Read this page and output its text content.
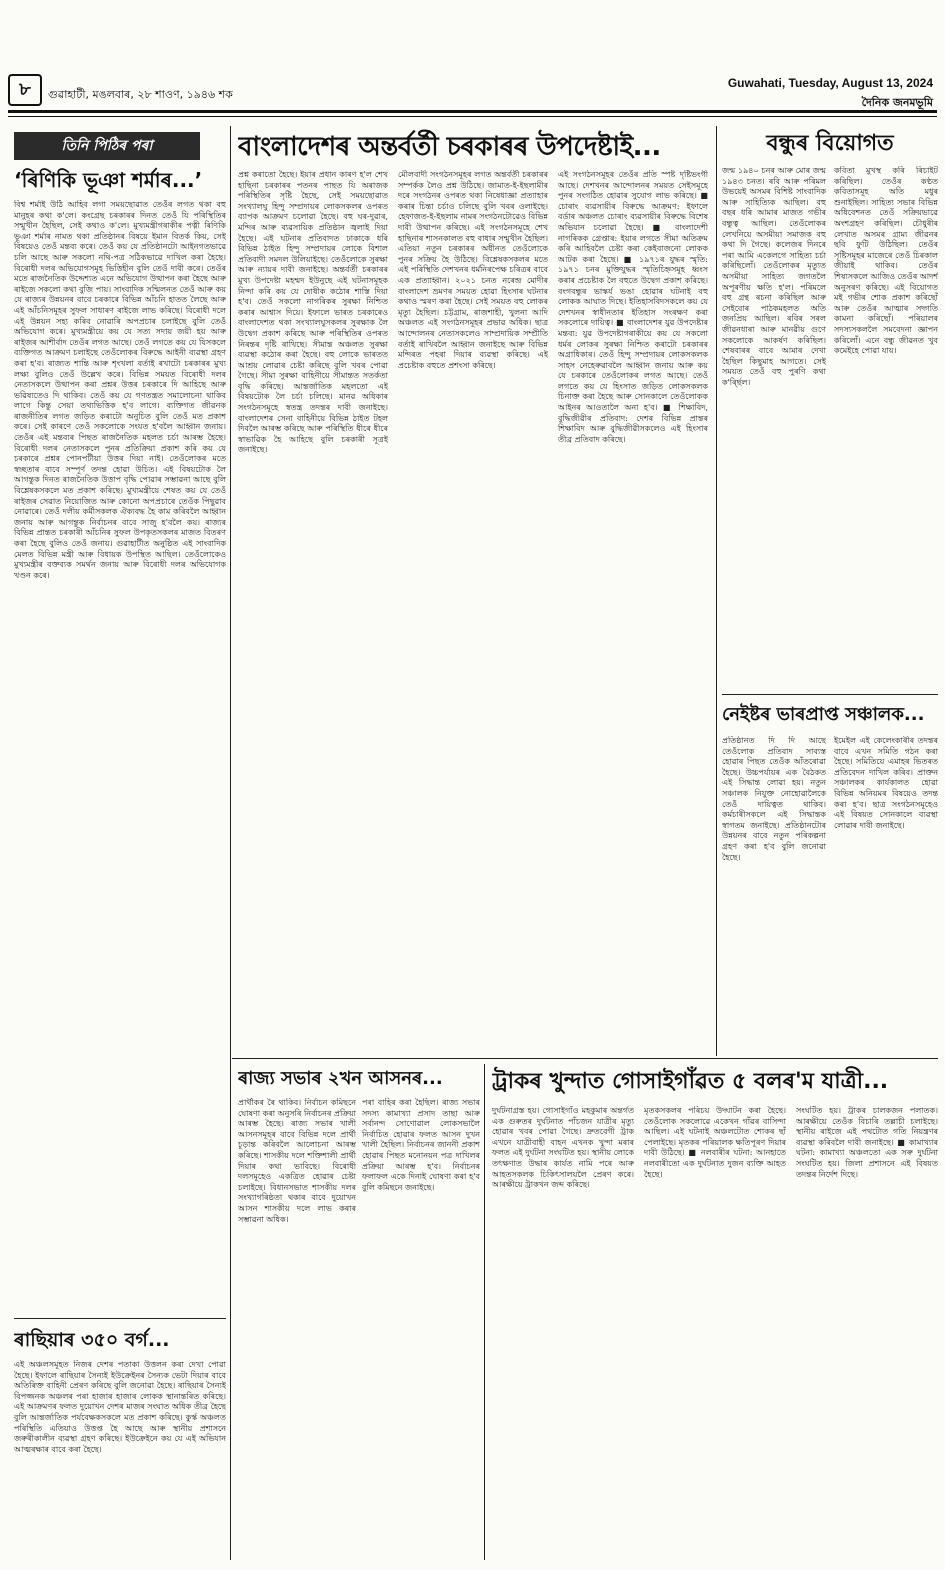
৮	গুৱাহাটী, মঙলবাৰ, ২৮ শাওণ, ১৯৪৬ শক
Guwahati, Tuesday, August 13, 2024
দৈনিক জনমভূমি
তিনি পিঠিৰ পৰা
‘ৰিণিকি ভূঞা শৰ্মাৰ...’
বিশ্ব শৰ্মাই উঠি আহিব লগা সময়ছোৱাত তেওঁৰ লগত থকা বহু মানুহৰ কথা ক'লে। কংগ্ৰেছ চৰকাৰৰ দিনত তেওঁ যি পৰিস্থিতিৰ সন্মুখীন হৈছিল, সেই কথাও ক'লে। মুখ্যমন্ত্ৰীগৰাকীৰ পত্নী ৰিণিকি ভূঞা শৰ্মাৰ নামত থকা প্ৰতিষ্ঠানৰ বিষয়ে ইমান বিতৰ্ক কিয়, সেই বিষয়েও তেওঁ মন্তব্য কৰে। তেওঁ কয় যে প্ৰতিষ্ঠানটো আইনগতভাৱে চলি আছে আৰু সকলো নথি-পত্ৰ সঠিকভাৱে দাখিল কৰা হৈছে। বিৰোধী দলৰ অভিযোগসমূহ ভিত্তিহীন বুলি তেওঁ দাবী কৰে। তেওঁৰ মতে ৰাজনৈতিক উদ্দেশ্যত এনে অভিযোগ উত্থাপন কৰা হৈছে আৰু ৰাইজে সকলো কথা বুজি পায়। সাংবাদিক সন্মিলনত তেওঁ আৰু কয় যে ৰাজ্যৰ উন্নয়নৰ বাবে চৰকাৰে বিভিন্ন আঁচনি হাতত লৈছে আৰু এই আঁচনিসমূহৰ সুফল সাধাৰণ ৰাইজে লাভ কৰিছে। বিৰোধী দলে এই উন্নয়ন সহ্য কৰিব নোৱাৰি অপপ্ৰচাৰ চলাইছে বুলি তেওঁ অভিযোগ কৰে। মুখ্যমন্ত্ৰীয়ে কয় যে সত্য সদায় জয়ী হয় আৰু ৰাইজৰ আশীৰ্বাদ তেওঁৰ লগত আছে। তেওঁ লগতে কয় যে যিসকলে ব্যক্তিগত আক্ৰমণ চলাইছে তেওঁলোকৰ বিৰুদ্ধে আইনী ব্যৱস্থা গ্ৰহণ কৰা হ'ব। ৰাজ্যত শান্তি আৰু শৃংখলা বৰ্তাই ৰখাটো চৰকাৰৰ মুখ্য লক্ষ্য বুলিও তেওঁ উল্লেখ কৰে। বিভিন্ন সময়ত বিৰোধী দলৰ নেতাসকলে উত্থাপন কৰা প্ৰশ্নৰ উত্তৰ চৰকাৰে দি আহিছে আৰু ভৱিষ্যতেও দি থাকিব। তেওঁ কয় যে গণতন্ত্ৰত সমালোচনা থাকিব লাগে কিন্তু সেয়া তথ্যভিত্তিক হ'ব লাগে। ব্যক্তিগত জীৱনক ৰাজনীতিৰ লগত জড়িত কৰাটো অনুচিত বুলি তেওঁ মত প্ৰকাশ কৰে। সেই কাৰণে তেওঁ সকলোকে সংযত হ'বলৈ আহ্বান জনায়। তেওঁৰ এই মন্তব্যৰ পিছত ৰাজনৈতিক মহলত চৰ্চা আৰম্ভ হৈছে। বিৰোধী দলৰ নেতাসকলে পুনৰ প্ৰতিক্ৰিয়া প্ৰকাশ কৰি কয় যে চৰকাৰে প্ৰশ্নৰ পোনপটীয়া উত্তৰ দিয়া নাই। তেওঁলোকৰ মতে স্বচ্ছতাৰ বাবে সম্পূৰ্ণ তদন্ত হোৱা উচিত। এই বিষয়টোক লৈ আগন্তুক দিনত ৰাজনৈতিক উত্তাপ বৃদ্ধি পোৱাৰ সম্ভাৱনা আছে বুলি বিশ্লেষকসকলে মত প্ৰকাশ কৰিছে। মুখ্যমন্ত্ৰীয়ে শেষত কয় যে তেওঁ ৰাইজৰ সেৱাত নিয়োজিত আৰু কোনো অপপ্ৰচাৰে তেওঁক পিছুৱাব নোৱাৰে। তেওঁ দলীয় কৰ্মীসকলক ঐক্যবদ্ধ হৈ কাম কৰিবলৈ আহ্বান জনায় আৰু আগন্তুক নিৰ্বাচনৰ বাবে সাজু হ'বলৈ কয়। ৰাজ্যৰ বিভিন্ন প্ৰান্তত চৰকাৰী আঁচনিৰ সুফল উপকৃতসকলৰ মাজত বিতৰণ কৰা হৈছে বুলিও তেওঁ জনায়। গুৱাহাটীত অনুষ্ঠিত এই সাংবাদিক মেলত বিভিন্ন মন্ত্ৰী আৰু বিধায়ক উপস্থিত আছিল। তেওঁলোকেও মুখ্যমন্ত্ৰীৰ বক্তব্যক সমৰ্থন জনায় আৰু বিৰোধী দলৰ অভিযোগক খণ্ডন কৰে।
ৰাছিয়াৰ ৩৫০ বৰ্গ...
এই অঞ্চলসমূহত নিজৰ দেশৰ পতাকা উত্তলন কৰা দেখা পোৱা হৈছে। ইফালে ৰাছিয়াৰ সৈন্যই ইউক্ৰেইনৰ সৈন্যক ভেটা দিয়াৰ বাবে অতিৰিক্ত বাহিনী প্ৰেৰণ কৰিছে বুলি জনোৱা হৈছে। ৰাছিয়াৰ সৈন্যই বিপজ্জনক অঞ্চলৰ পৰা হাজাৰ হাজাৰ লোকক স্থানান্তৰিত কৰিছে। এই আক্ৰমণৰ ফলত দুয়োখন দেশৰ মাজৰ সংঘাত অধিক তীব্ৰ হৈছে বুলি আন্তৰ্জাতিক পৰ্যবেক্ষকসকলে মত প্ৰকাশ কৰিছে। কুৰ্স্ক অঞ্চলত পৰিস্থিতি এতিয়াও উত্তপ্ত হৈ আছে আৰু স্থানীয় প্ৰশাসনে জৰুৰীকালীন ব্যৱস্থা গ্ৰহণ কৰিছে। ইউক্ৰেইনে কয় যে এই অভিযান আত্মৰক্ষাৰ বাবে কৰা হৈছে।
বাংলাদেশৰ অন্তৰ্বৰ্তী চৰকাৰৰ উপদেষ্টাই...
প্ৰশ্ন কৰাতো হৈছে। ইয়াৰ প্ৰধান কাৰণ হ'ল শেখ হাছিনা চৰকাৰৰ পতনৰ পাছত যি অৰাজক পৰিস্থিতিৰ সৃষ্টি হৈছে, সেই সময়ছোৱাত সংখ্যালঘু হিন্দু সম্প্ৰদায়ৰ লোকসকলৰ ওপৰত ব্যাপক আক্ৰমণ চলোৱা হৈছে। বহু ঘৰ-দুৱাৰ, মন্দিৰ আৰু ব্যৱসায়িক প্ৰতিষ্ঠান জ্বলাই দিয়া হৈছে। এই ঘটনাৰ প্ৰতিবাদত ঢাকাকে ধৰি বিভিন্ন ঠাইত হিন্দু সম্প্ৰদায়ৰ লোকে বিশাল প্ৰতিবাদী সমদল উলিয়াইছে। তেওঁলোকে সুৰক্ষা আৰু ন্যায়ৰ দাবী জনাইছে। অন্তৰ্বৰ্তী চৰকাৰৰ মুখ্য উপদেষ্টা মহম্মদ ইউনুছে এই ঘটনাসমূহক নিন্দা কৰি কয় যে দোষীক কঠোৰ শাস্তি দিয়া হ'ব। তেওঁ সকলো নাগৰিকৰ সুৰক্ষা নিশ্চিত কৰাৰ আশ্বাস দিয়ে। ইফালে ভাৰত চৰকাৰেও বাংলাদেশত থকা সংখ্যালঘুসকলৰ সুৰক্ষাক লৈ উদ্বেগ প্ৰকাশ কৰিছে আৰু পৰিস্থিতিৰ ওপৰত নিৰন্তৰ দৃষ্টি ৰাখিছে। সীমান্ত অঞ্চলত সুৰক্ষা ব্যৱস্থা কঠোৰ কৰা হৈছে। বহু লোকে ভাৰতত আশ্ৰয় লোৱাৰ চেষ্টা কৰিছে বুলি খবৰ পোৱা গৈছে। সীমা সুৰক্ষা বাহিনীয়ে সীমান্তত সতৰ্কতা বৃদ্ধি কৰিছে। আন্তৰ্জাতিক মহলতো এই বিষয়টোক লৈ চৰ্চা চলিছে। মানৱ অধিকাৰ সংগঠনসমূহে স্বতন্ত্ৰ তদন্তৰ দাবী জনাইছে। বাংলাদেশৰ সেনা বাহিনীয়ে বিভিন্ন ঠাইত টহল দিবলৈ আৰম্ভ কৰিছে আৰু পৰিস্থিতি ধীৰে ধীৰে স্বাভাৱিক হৈ আহিছে বুলি চৰকাৰী সূত্ৰই জনাইছে।
মৌলবাদী সংগঠনসমূহৰ লগত অন্তৰ্বৰ্তী চৰকাৰৰ সম্পৰ্কক লৈও প্ৰশ্ন উঠিছে। জামাত-ই-ইছলামীৰ দৰে সংগঠনৰ ওপৰত থকা নিষেধাজ্ঞা প্ৰত্যাহাৰ কৰাৰ চিন্তা চৰ্চাও চলিছে বুলি খবৰ ওলাইছে। হেফাজত-ই-ইছলাম নামৰ সংগঠনটোৱেও বিভিন্ন দাবী উত্থাপন কৰিছে। এই সংগঠনসমূহে শেখ হাছিনাৰ শাসনকালত বহু বাধাৰ সন্মুখীন হৈছিল। এতিয়া নতুন চৰকাৰৰ অধীনত তেওঁলোকে পুনৰ সক্ৰিয় হৈ উঠিছে। বিশ্লেষকসকলৰ মতে এই পৰিস্থিতি দেশখনৰ ধৰ্মনিৰপেক্ষ চৰিত্ৰৰ বাবে এক প্ৰত্যাহ্বান। ২০২১ চনত নৰেন্দ্ৰ মোদীৰ বাংলাদেশ ভ্ৰমণৰ সময়ত হোৱা হিংসাৰ ঘটনাৰ কথাও স্মৰণ কৰা হৈছে। সেই সময়ত বহু লোকৰ মৃত্যু হৈছিল। চট্টগ্ৰাম, ৰাজশাহী, খুলনা আদি অঞ্চলত এই সংগঠনসমূহৰ প্ৰভাৱ অধিক। ছাত্ৰ আন্দোলনৰ নেতাসকলেও সাম্প্ৰদায়িক সম্প্ৰীতি বৰ্তাই ৰাখিবলৈ আহ্বান জনাইছে আৰু বিভিন্ন মন্দিৰত পহৰা দিয়াৰ ব্যৱস্থা কৰিছে। এই প্ৰচেষ্টাক বহুতে প্ৰশংসা কৰিছে।
এই সংগঠনসমূহৰ তেওঁৰ প্ৰতি স্পষ্ট দৃষ্টিভংগী আছে। দেশখনৰ আন্দোলনৰ সময়ত সেইসমূহে পুনৰ সংগঠিত হোৱাৰ সুযোগ লাভ কৰিছে। ■ চোৰাং ব্যৱসায়ীৰ বিৰুদ্ধে আক্ৰমণ: ইফালে বৰ্ডাৰ অঞ্চলত চোৰাং ব্যৱসায়ীৰ বিৰুদ্ধে বিশেষ অভিযান চলোৱা হৈছে। ■ বাংলাদেশী নাগৰিকক গ্ৰেপ্তাৰ: ইয়াৰ লগতে সীমা অতিক্ৰম কৰি আহিবলৈ চেষ্টা কৰা কেইবাজনো লোকক আটক কৰা হৈছে। ■ ১৯৭১ৰ যুদ্ধৰ স্মৃতি: ১৯৭১ চনৰ মুক্তিযুদ্ধৰ স্মৃতিচিহ্নসমূহ ধ্বংস কৰাৰ প্ৰচেষ্টাক লৈ বহুতে উদ্বেগ প্ৰকাশ কৰিছে। বংগবন্ধুৰ ভাস্কৰ্য ভঙা হোৱাৰ ঘটনাই বহু লোকক আঘাত দিছে। ইতিহাসবিদসকলে কয় যে দেশখনৰ স্বাধীনতাৰ ইতিহাস সংৰক্ষণ কৰা সকলোৰে দায়িত্ব। ■ বাংলাদেশৰ যুৱ উপদেষ্টাৰ মন্তব্য: যুৱ উপদেষ্টাগৰাকীয়ে কয় যে সকলো ধৰ্মৰ লোকৰ সুৰক্ষা নিশ্চিত কৰাটো চৰকাৰৰ অগ্ৰাধিকাৰ। তেওঁ হিন্দু সম্প্ৰদায়ৰ লোকসকলক সাহস নেহেৰুৱাবলৈ আহ্বান জনায় আৰু কয় যে চৰকাৰে তেওঁলোকৰ লগত আছে। তেওঁ লগতে কয় যে হিংসাত জড়িত লোকসকলক চিনাক্ত কৰা হৈছে আৰু সোনকালে তেওঁলোকক আইনৰ আওতালৈ অনা হ'ব। ■ শিক্ষাবিদ, বুদ্ধিজীৱীৰ প্ৰতিবাদ: দেশৰ বিভিন্ন প্ৰান্তৰ শিক্ষাবিদ আৰু বুদ্ধিজীৱীসকলেও এই হিংসাৰ তীব্ৰ প্ৰতিবাদ কৰিছে।
বন্ধুৰ বিয়োগত
জন্ম ১৯৪০ চনৰ আৰু মোৰ জন্ম ১৯৪৩ চনত। ৰবি আৰু পৰিমল উভয়েই অসমৰ বিশিষ্ট সাংবাদিক আৰু সাহিত্যিক আছিল। বহু বছৰ ধৰি আমাৰ মাজত গভীৰ বন্ধুত্ব আছিল। তেওঁলোকৰ লেখনিয়ে অসমীয়া সমাজক বহু কথা দি গৈছে। কলেজৰ দিনৰে পৰা আমি একেলগে সাহিত্য চৰ্চা কৰিছিলোঁ। তেওঁলোকৰ মৃত্যুত অসমীয়া সাহিত্য জগতলৈ অপূৰণীয় ক্ষতি হ'ল। পৰিমলে বহু গ্ৰন্থ ৰচনা কৰিছিল আৰু সেইবোৰ পাঠকমহলত অতি জনপ্ৰিয় আছিল। ৰবিৰ সৰল জীৱনধাৰা আৰু মানৱীয় গুণে সকলোকে আকৰ্ষণ কৰিছিল। শেষবাৰৰ বাবে আমাৰ দেখা হৈছিল কিছুমাহ আগতে। সেই সময়ত তেওঁ বহু পুৰণি কথা ক'ৰ্ৰ্ছিল।
কবিতা মুখস্থ কৰি ৰিচাইট কৰিছিল। তেওঁৰ কণ্ঠত কবিতাসমূহ অতি মধুৰ শুনাইছিল। সাহিত্য সভাৰ বিভিন্ন অধিবেশনত তেওঁ সক্ৰিয়ভাৱে অংশগ্ৰহণ কৰিছিল। চৌধুৰীৰ লেখাত অসমৰ গ্ৰাম্য জীৱনৰ ছবি ফুটি উঠিছিল। তেওঁৰ সৃষ্টিসমূহৰ মাজেৰে তেওঁ চিৰকাল জীয়াই থাকিব। তেওঁৰ শিষ্যসকলে আজিও তেওঁৰ আদৰ্শ অনুসৰণ কৰিছে। এই বিয়োগত মই গভীৰ শোক প্ৰকাশ কৰিছোঁ আৰু তেওঁৰ আত্মাৰ সদ্গতি কামনা কৰিছোঁ। পৰিয়ালৰ সদস্যসকললৈ সমবেদনা জ্ঞাপন কৰিলোঁ। এনে বন্ধু জীৱনত খুব কমেইহে পোৱা যায়।
নেইষ্টৰ ভাৰপ্ৰাপ্ত সঞ্চালক...
প্ৰতিষ্ঠানত দি দি আছে তেওঁলোক প্ৰতিবাদ সাব্যস্ত হোৱাৰ পিছত তেওঁক আঁতৰোৱা হৈছে। উচ্চপৰ্যায়ৰ এক বৈঠকত এই সিদ্ধান্ত লোৱা হয়। নতুন সঞ্চালক নিযুক্ত নোহোৱালৈকে তেওঁ দায়িত্বত থাকিব। কৰ্মচাৰীসকলে এই সিদ্ধান্তক স্বাগতম জনাইছে। প্ৰতিষ্ঠানটোৰ উন্নয়নৰ বাবে নতুন পৰিকল্পনা গ্ৰহণ কৰা হ'ব বুলি জনোৱা হৈছে।
ইমেইল এই কেলেংকাৰীৰ তদন্তৰ বাবে এখন সমিতি গঠন কৰা হৈছে। সমিতিয়ে এমাহৰ ভিতৰত প্ৰতিবেদন দাখিল কৰিব। প্ৰাক্তন সঞ্চালকৰ কাৰ্যকালত হোৱা বিভিন্ন অনিয়মৰ বিষয়েও তদন্ত কৰা হ'ব। ছাত্ৰ সংগঠনসমূহেও এই বিষয়ত সোনকালে ব্যৱস্থা লোৱাৰ দাবী জনাইছে।
ৰাজ্য সভাৰ ২খন আসনৰ...
প্ৰাৰ্থীকৰ ৰৈ থাকিব। নিৰ্বাচন কমিছনে ঘোষণা কৰা অনুসৰি নিৰ্বাচনৰ প্ৰক্ৰিয়া আৰম্ভ হৈছে। ৰাজ্য সভাৰ খালী আসনসমূহৰ বাবে বিভিন্ন দলে প্ৰাৰ্থী চূড়ান্ত কৰিবলৈ আলোচনা আৰম্ভ কৰিছে। শাসকীয় দলে শক্তিশালী প্ৰাৰ্থী দিয়াৰ কথা ভাবিছে। বিৰোধী দলসমূহেও একত্ৰিত হোৱাৰ চেষ্টা চলাইছে। বিধানসভাত শাসকীয় দলৰ সংখ্যাগৰিষ্ঠতা থকাৰ বাবে দুয়োখন আসন শাসকীয় দলে লাভ কৰাৰ সম্ভাৱনা অধিক।
পৰা বাহিৰ কৰা হৈছিল। ৰাজ্য সভাৰ সদস্য কামাখ্যা প্ৰসাদ তাছা আৰু সৰ্বানন্দ সোণোৱাল লোকসভালৈ নিৰ্বাচিত হোৱাৰ ফলত আসন দুখন খালী হৈছিল। নিৰ্বাচনৰ জাননী প্ৰকাশ হোৱাৰ পিছত মনোনয়ন পত্ৰ দাখিলৰ প্ৰক্ৰিয়া আৰম্ভ হ'ব। নিৰ্বাচনৰ ফলাফল একে দিনাই ঘোষণা কৰা হ'ব বুলি কমিছনে জনাইছে।
ট্ৰাকৰ খুন্দাত গোসাইগাঁৱত ৫ বলৰ'ম যাত্ৰী...
দুৰ্ঘটনাগ্ৰস্ত হয়। গোসাইগাঁও মহকুমাৰ অন্তৰ্গত এক গুৰুতৰ দুৰ্ঘটনাত পাঁচজন যাত্ৰীৰ মৃত্যু হোৱাৰ খবৰ পোৱা গৈছে। দ্ৰুতবেগী ট্ৰাক এখনে যাত্ৰীবাহী বাহন এখনক খুন্দা মৰাৰ ফলত এই দুৰ্ঘটনা সংঘটিত হয়। স্থানীয় লোকে তৎক্ষণাত উদ্ধাৰ কাৰ্যত নামি পৰে আৰু আহতসকলক চিকিৎসালয়লৈ প্ৰেৰণ কৰে। আৰক্ষীয়ে ট্ৰাকখন জব্দ কৰিছে।
মৃতকসকলৰ পৰিচয় উদ্ঘাটন কৰা হৈছে। তেওঁলোক সকলোৱে একেখন গাঁৱৰ বাসিন্দা আছিল। এই ঘটনাই অঞ্চলটোত শোকৰ ছাঁ পেলাইছে। মৃতকৰ পৰিয়ালক ক্ষতিপূৰণ দিয়াৰ দাবী উঠিছে। ■ নলবাৰীৰ ঘটনা: আনহাতে নলবাৰীতো এক দুৰ্ঘটনাত দুজন ব্যক্তি আহত হৈছে।
সংঘটিত হয়। ট্ৰাকৰ চালকজন পলাতক। আৰক্ষীয়ে তেওঁক বিচাৰি তল্লাচী চলাইছে। স্থানীয় ৰাইজে এই পথটোত গতি নিয়ন্ত্ৰণৰ ব্যৱস্থা কৰিবলৈ দাবী জনাইছে। ■ কামাখ্যাৰ ঘটনা: কামাখ্যা অঞ্চলতো এক সৰু দুৰ্ঘটনা সংঘটিত হয়। জিলা প্ৰশাসনে এই বিষয়ত তদন্তৰ নিৰ্দেশ দিছে।
